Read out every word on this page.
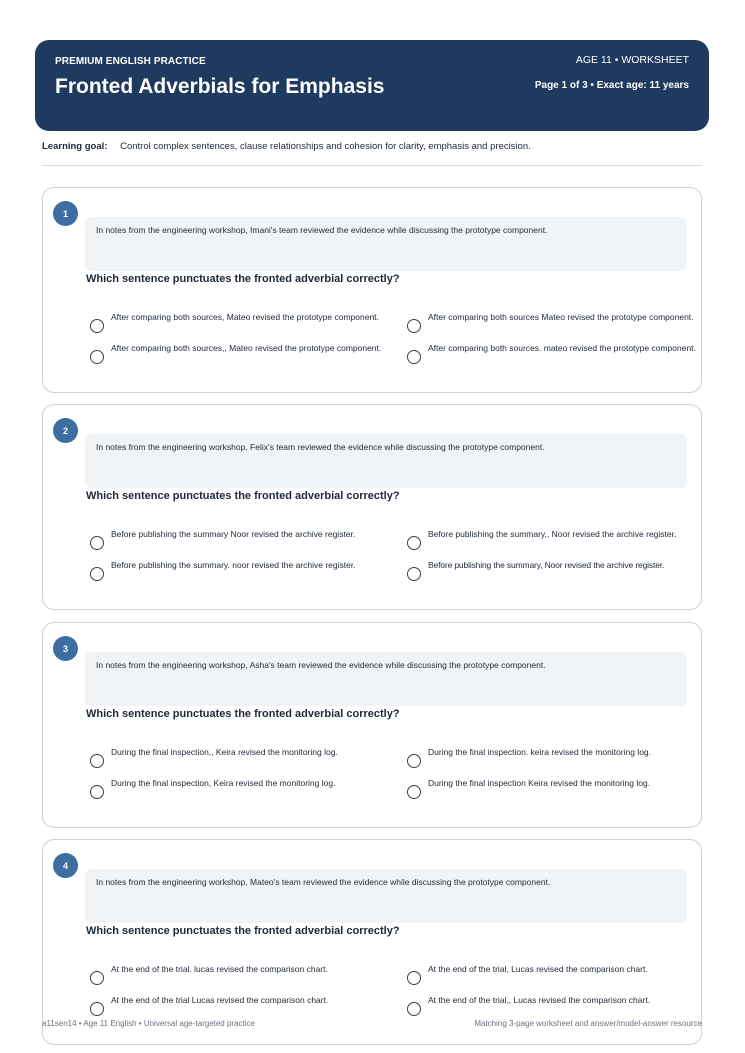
PREMIUM ENGLISH PRACTICE
Fronted Adverbials for Emphasis
AGE 11 • WORKSHEET
Page 1 of 3 • Exact age: 11 years
Learning goal: Control complex sentences, clause relationships and cohesion for clarity, emphasis and precision.
1
In notes from the engineering workshop, Imani's team reviewed the evidence while discussing the prototype component.
Which sentence punctuates the fronted adverbial correctly?
After comparing both sources, Mateo revised the prototype component.	After comparing both sources Mateo revised the prototype component.
After comparing both sources,, Mateo revised the prototype component.	After comparing both sources. mateo revised the prototype component.
2
In notes from the engineering workshop, Felix's team reviewed the evidence while discussing the prototype component.
Which sentence punctuates the fronted adverbial correctly?
Before publishing the summary Noor revised the archive register.	Before publishing the summary,, Noor revised the archive register.
Before publishing the summary. noor revised the archive register.	Before publishing the summary, Noor revised the archive register.
3
In notes from the engineering workshop, Asha's team reviewed the evidence while discussing the prototype component.
Which sentence punctuates the fronted adverbial correctly?
During the final inspection,, Keira revised the monitoring log.	During the final inspection. keira revised the monitoring log.
During the final inspection, Keira revised the monitoring log.	During the final inspection Keira revised the monitoring log.
4
In notes from the engineering workshop, Mateo's team reviewed the evidence while discussing the prototype component.
Which sentence punctuates the fronted adverbial correctly?
At the end of the trial. lucas revised the comparison chart.	At the end of the trial, Lucas revised the comparison chart.
At the end of the trial Lucas revised the comparison chart.	At the end of the trial,, Lucas revised the comparison chart.
a11sen14 • Age 11 English • Universal age-targeted practice	Matching 3-page worksheet and answer/model-answer resource
